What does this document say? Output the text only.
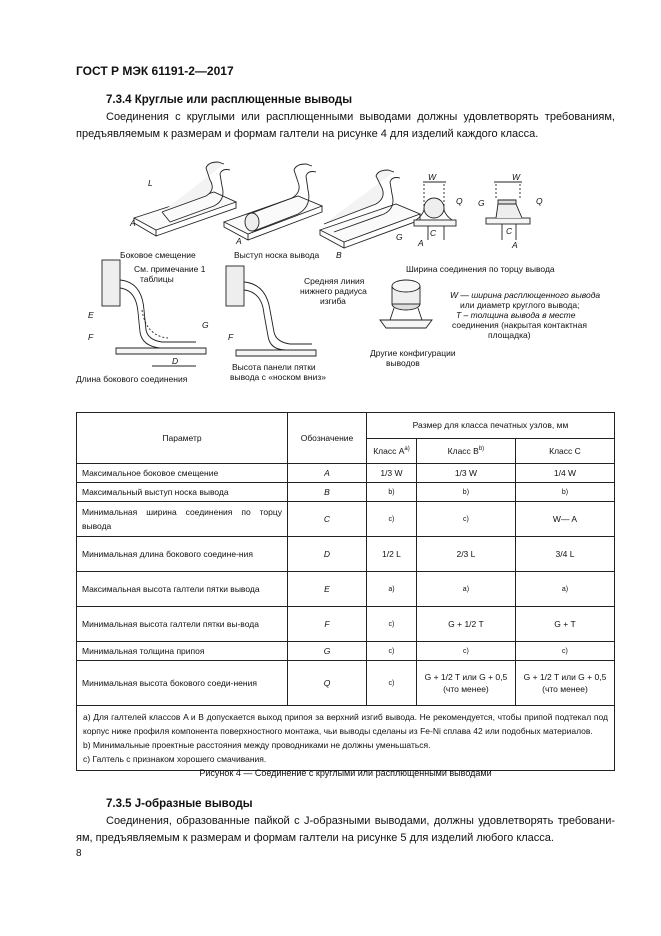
ГОСТ Р МЭК 61191-2—2017
7.3.4 Круглые или расплющенные выводы
Соединения с круглыми или расплющенными выводами должны удовлетворять требованиям,
предъявляемым к размерам и формам галтели на рисунке 4 для изделий каждого класса.
L
A
A
B
Боковое смещение	Выступ носка вывода
W	W
Q	Q
G
G	C	C
A	A
Ширина соединения по торцу вывода
См. примечание 1
таблицы	Средняя линия
нижнего радиуса
изгиба
E
F	F
G
D
Длина бокового соединения
Высота панели пятки
вывода с «носком вниз»
Другие конфигурации
выводов
W — ширина расплющенного вывода
или диаметр круглого вывода;
T – толщина вывода в месте
соединения (накрытая контактная
площадка)
Параметр	Обозначение	Размер для класса печатных узлов, мм		
		Класс $A^{а)}$	Класс $B^{b)}$	Класс C
Максимальное боковое смещение	A	1/3 W	1/3 W	1/4 W
Максимальный выступ носка вывода	B	b)	b)	b)
Минимальная ширина соединения по торцу вывода	C	c)	c)	W— A
Минимальная длина бокового соедине-ния	D	1/2 L	2/3 L	3/4 L
Максимальная высота галтели пятки вывода	E	a)	a)	a)
Минимальная высота галтели пятки вы-вода	F	c)	G + 1/2 T	G + T
Минимальная толщина припоя	G	c)	c)	c)
Минимальная высота бокового соеди-нения	Q	c)	G + 1/2 T или G + 0,5 (что менее)	G + 1/2 T или G + 0,5 (что менее)

a) Для галтелей классов A и B допускается выход припоя за верхний изгиб вывода. Не рекомендуется, чтобы припой подтекал под корпус ниже профиля компонента поверхностного монтажа, чьи выводы сделаны из Fe-Ni сплава 42 или подобных материалов.
b) Минимальные проектные расстояния между проводниками не должны уменьшаться.
c) Галтель с признаком хорошего смачивания.				
Рисунок 4 — Соединение с круглыми или расплющенными выводами
7.3.5 J-образные выводы
Соединения, образованные пайкой с J-образными выводами, должны удовлетворять требовани-
ям, предъявляемым к размерам и формам галтели на рисунке 5 для изделий любого класса.
8
